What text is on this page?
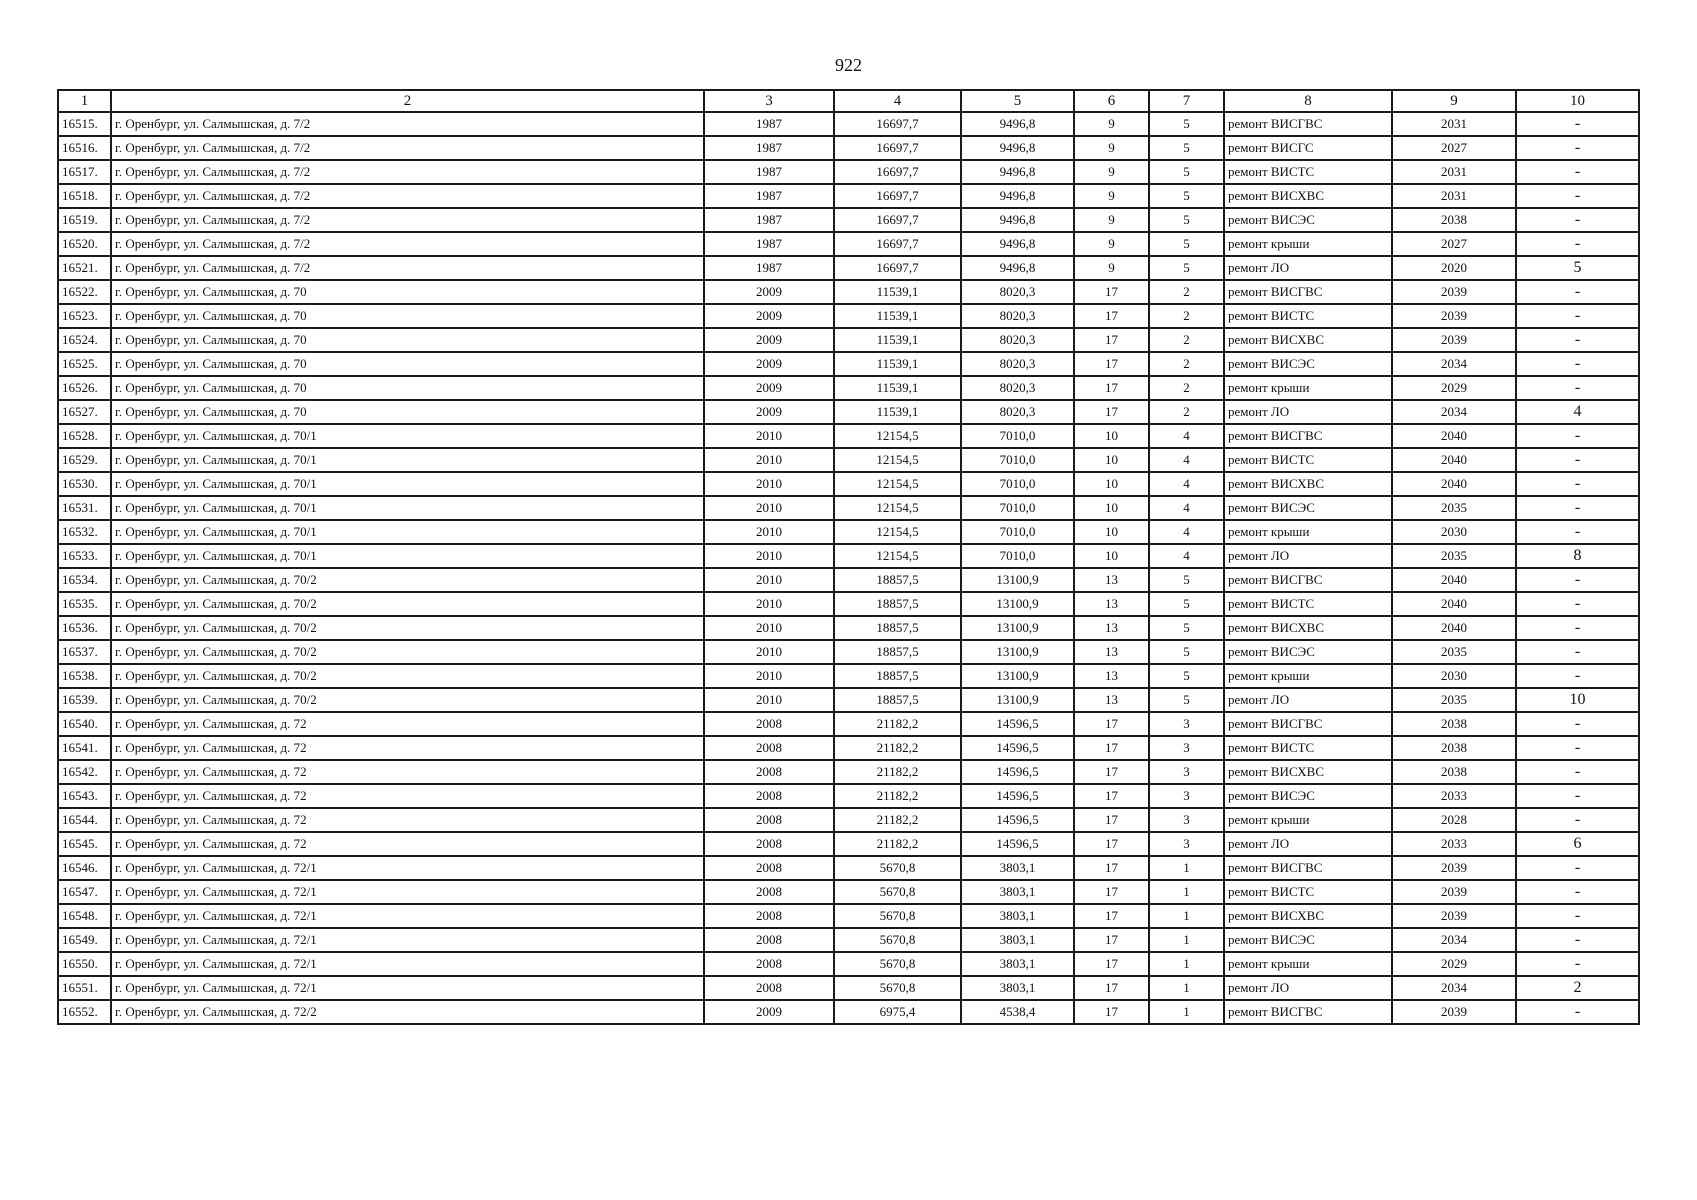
922
1	2	3	4	5	6	7	8	9	10
16515.	г. Оренбург, ул. Салмышская, д. 7/2	1987	16697,7	9496,8	9	5	ремонт ВИСГВС	2031	-
16516.	г. Оренбург, ул. Салмышская, д. 7/2	1987	16697,7	9496,8	9	5	ремонт ВИСГС	2027	-
16517.	г. Оренбург, ул. Салмышская, д. 7/2	1987	16697,7	9496,8	9	5	ремонт ВИСТС	2031	-
16518.	г. Оренбург, ул. Салмышская, д. 7/2	1987	16697,7	9496,8	9	5	ремонт ВИСХВС	2031	-
16519.	г. Оренбург, ул. Салмышская, д. 7/2	1987	16697,7	9496,8	9	5	ремонт ВИСЭС	2038	-
16520.	г. Оренбург, ул. Салмышская, д. 7/2	1987	16697,7	9496,8	9	5	ремонт крыши	2027	-
16521.	г. Оренбург, ул. Салмышская, д. 7/2	1987	16697,7	9496,8	9	5	ремонт ЛО	2020	5
16522.	г. Оренбург, ул. Салмышская, д. 70	2009	11539,1	8020,3	17	2	ремонт ВИСГВС	2039	-
16523.	г. Оренбург, ул. Салмышская, д. 70	2009	11539,1	8020,3	17	2	ремонт ВИСТС	2039	-
16524.	г. Оренбург, ул. Салмышская, д. 70	2009	11539,1	8020,3	17	2	ремонт ВИСХВС	2039	-
16525.	г. Оренбург, ул. Салмышская, д. 70	2009	11539,1	8020,3	17	2	ремонт ВИСЭС	2034	-
16526.	г. Оренбург, ул. Салмышская, д. 70	2009	11539,1	8020,3	17	2	ремонт крыши	2029	-
16527.	г. Оренбург, ул. Салмышская, д. 70	2009	11539,1	8020,3	17	2	ремонт ЛО	2034	4
16528.	г. Оренбург, ул. Салмышская, д. 70/1	2010	12154,5	7010,0	10	4	ремонт ВИСГВС	2040	-
16529.	г. Оренбург, ул. Салмышская, д. 70/1	2010	12154,5	7010,0	10	4	ремонт ВИСТС	2040	-
16530.	г. Оренбург, ул. Салмышская, д. 70/1	2010	12154,5	7010,0	10	4	ремонт ВИСХВС	2040	-
16531.	г. Оренбург, ул. Салмышская, д. 70/1	2010	12154,5	7010,0	10	4	ремонт ВИСЭС	2035	-
16532.	г. Оренбург, ул. Салмышская, д. 70/1	2010	12154,5	7010,0	10	4	ремонт крыши	2030	-
16533.	г. Оренбург, ул. Салмышская, д. 70/1	2010	12154,5	7010,0	10	4	ремонт ЛО	2035	8
16534.	г. Оренбург, ул. Салмышская, д. 70/2	2010	18857,5	13100,9	13	5	ремонт ВИСГВС	2040	-
16535.	г. Оренбург, ул. Салмышская, д. 70/2	2010	18857,5	13100,9	13	5	ремонт ВИСТС	2040	-
16536.	г. Оренбург, ул. Салмышская, д. 70/2	2010	18857,5	13100,9	13	5	ремонт ВИСХВС	2040	-
16537.	г. Оренбург, ул. Салмышская, д. 70/2	2010	18857,5	13100,9	13	5	ремонт ВИСЭС	2035	-
16538.	г. Оренбург, ул. Салмышская, д. 70/2	2010	18857,5	13100,9	13	5	ремонт крыши	2030	-
16539.	г. Оренбург, ул. Салмышская, д. 70/2	2010	18857,5	13100,9	13	5	ремонт ЛО	2035	10
16540.	г. Оренбург, ул. Салмышская, д. 72	2008	21182,2	14596,5	17	3	ремонт ВИСГВС	2038	-
16541.	г. Оренбург, ул. Салмышская, д. 72	2008	21182,2	14596,5	17	3	ремонт ВИСТС	2038	-
16542.	г. Оренбург, ул. Салмышская, д. 72	2008	21182,2	14596,5	17	3	ремонт ВИСХВС	2038	-
16543.	г. Оренбург, ул. Салмышская, д. 72	2008	21182,2	14596,5	17	3	ремонт ВИСЭС	2033	-
16544.	г. Оренбург, ул. Салмышская, д. 72	2008	21182,2	14596,5	17	3	ремонт крыши	2028	-
16545.	г. Оренбург, ул. Салмышская, д. 72	2008	21182,2	14596,5	17	3	ремонт ЛО	2033	6
16546.	г. Оренбург, ул. Салмышская, д. 72/1	2008	5670,8	3803,1	17	1	ремонт ВИСГВС	2039	-
16547.	г. Оренбург, ул. Салмышская, д. 72/1	2008	5670,8	3803,1	17	1	ремонт ВИСТС	2039	-
16548.	г. Оренбург, ул. Салмышская, д. 72/1	2008	5670,8	3803,1	17	1	ремонт ВИСХВС	2039	-
16549.	г. Оренбург, ул. Салмышская, д. 72/1	2008	5670,8	3803,1	17	1	ремонт ВИСЭС	2034	-
16550.	г. Оренбург, ул. Салмышская, д. 72/1	2008	5670,8	3803,1	17	1	ремонт крыши	2029	-
16551.	г. Оренбург, ул. Салмышская, д. 72/1	2008	5670,8	3803,1	17	1	ремонт ЛО	2034	2
16552.	г. Оренбург, ул. Салмышская, д. 72/2	2009	6975,4	4538,4	17	1	ремонт ВИСГВС	2039	-
